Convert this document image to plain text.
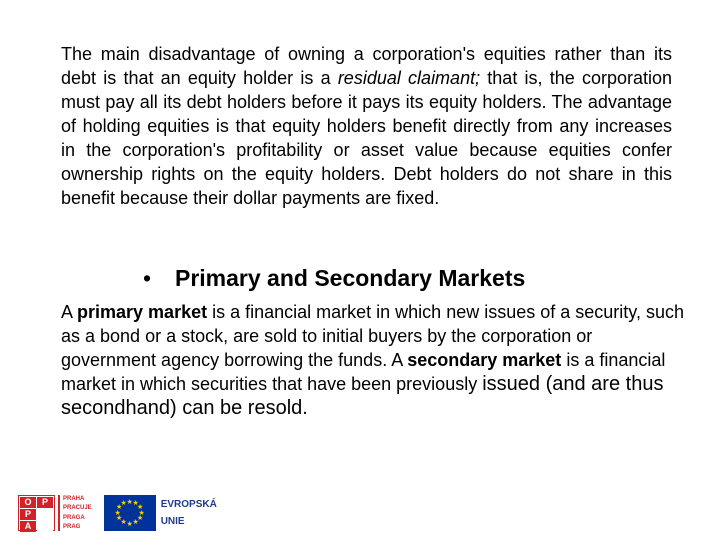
The main disadvantage of owning a corporation's equities rather than its debt is that an equity holder is a residual claimant; that is, the corporation must pay all its debt holders before it pays its equity holders. The advantage of holding equities is that equity holders benefit directly from any increases in the corporation's profitability or asset value because equities confer ownership rights on the equity holders. Debt holders do not share in this benefit because their dollar payments are fixed.
• Primary and Secondary Markets
A primary market is a financial market in which new issues of a security, such as a bond or a stock, are sold to initial buyers by the corporation or government agency borrowing the funds. A secondary market is a financial market in which securities that have been previously issued (and are thus secondhand) can be resold.
O	P
P
A
PRAHA
PRACUJE
PRAGA
PRAG
★ ★
★
★
★
★
★
★
★
★
★
★	EVROPSKÁ
UNIE
